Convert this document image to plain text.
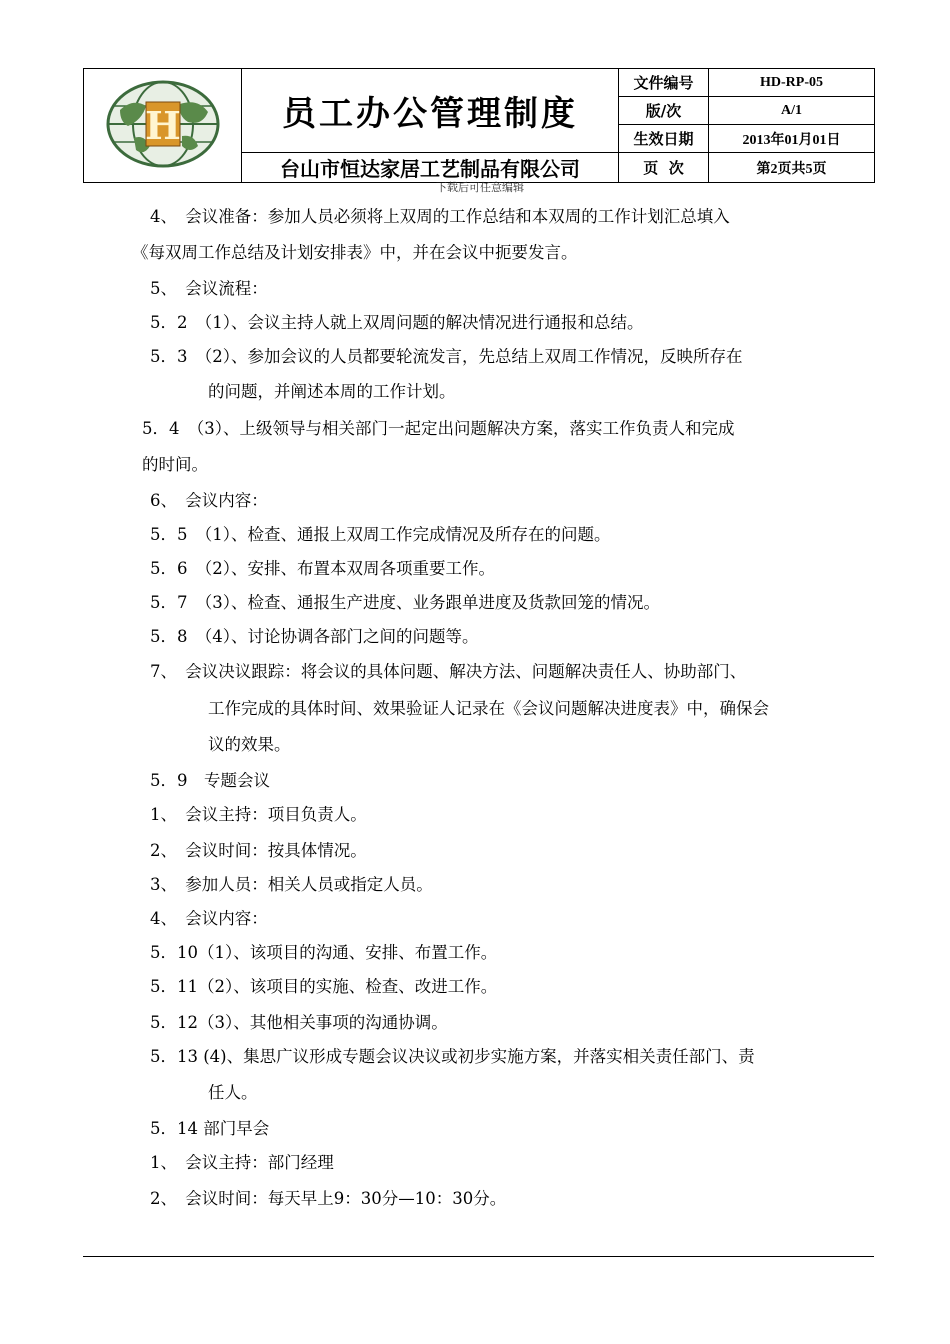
H	员工办公管理制度	文件编号	HD-RP-05
		版/次	A/1
		生效日期	2013年01月01日
	台山市恒达家居工艺制品有限公司	页  次	第2页共5页
下载后可任意编辑
4、　会议准备：参加人员必须将上双周的工作总结和本双周的工作计划汇总填入
《每双周工作总结及计划安排表》中，并在会议中扼要发言。
5、　会议流程：
5．2　（1）、会议主持人就上双周问题的解决情况进行通报和总结。
5．3　（2）、参加会议的人员都要轮流发言，先总结上双周工作情况，反映所存在
的问题，并阐述本周的工作计划。
5．4　（3）、上级领导与相关部门一起定出问题解决方案，落实工作负责人和完成
的时间。
6、　会议内容：
5．5　（1）、检查、通报上双周工作完成情况及所存在的问题。
5．6　（2）、安排、布置本双周各项重要工作。
5．7　（3）、检查、通报生产进度、业务跟单进度及货款回笼的情况。
5．8　（4）、讨论协调各部门之间的问题等。
7、　会议决议跟踪：将会议的具体问题、解决方法、问题解决责任人、协助部门、
工作完成的具体时间、效果验证人记录在《会议问题解决进度表》中，确保会
议的效果。
5．9　专题会议
1、　会议主持：项目负责人。
2、　会议时间：按具体情况。
3、　参加人员：相关人员或指定人员。
4、　会议内容：
5．10（1）、该项目的沟通、安排、布置工作。
5．11（2）、该项目的实施、检查、改进工作。
5．12（3）、其他相关事项的沟通协调。
5．13 (4)、集思广议形成专题会议决议或初步实施方案，并落实相关责任部门、责
任人。
5．14 部门早会
1、　会议主持：部门经理
2、　会议时间：每天早上9：30分—10：30分。
